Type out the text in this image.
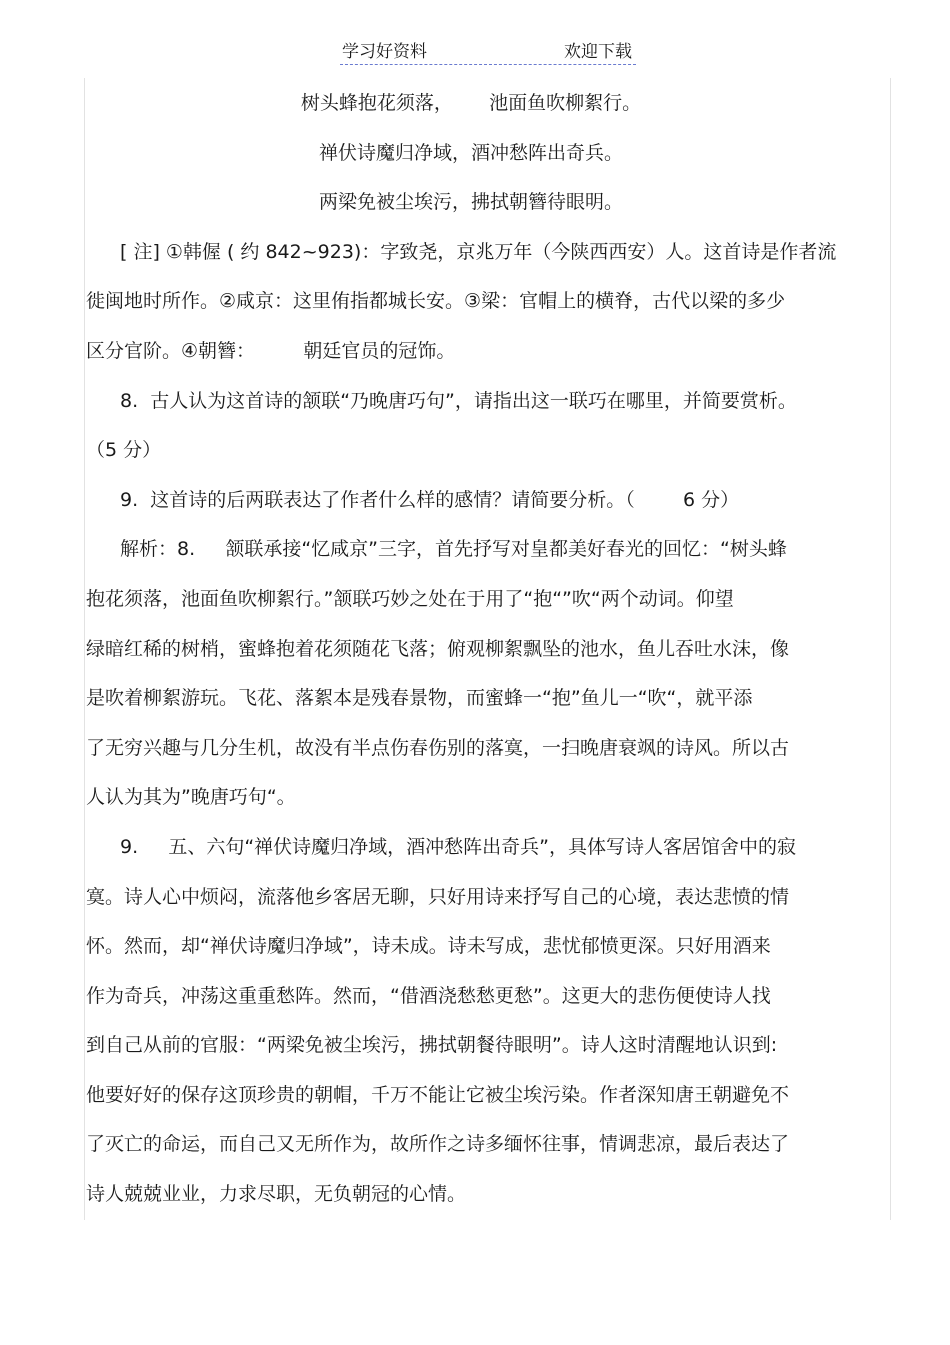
学习好资料	欢迎下载
树头蜂抱花须落，      池面鱼吹柳絮行。
禅伏诗魔归净域，酒冲愁阵出奇兵。
两梁免被尘埃污，拂拭朝簪待眼明。
[ 注] ①韩偓 ( 约 842~923)：字致尧，京兆万年（今陕西西安）人。这首诗是作者流
徙闽地时所作。②咸京：这里侑指都城长安。③梁：官帽上的横脊，古代以梁的多少
区分官阶。④朝簪：        朝廷官员的冠饰。
8.  古人认为这首诗的颔联“乃晚唐巧句”，请指出这一联巧在哪里，并简要赏析。
（5 分）
9.  这首诗的后两联表达了作者什么样的感情？请简要分析。（        6 分）
解析：8.     颔联承接“忆咸京”三字，首先抒写对皇都美好春光的回忆：“树头蜂
抱花须落，池面鱼吹柳絮行。”颔联巧妙之处在于用了“抱“”吹“两个动词。仰望
绿暗红稀的树梢，蜜蜂抱着花须随花飞落；俯观柳絮飘坠的池水，鱼儿吞吐水沫，像
是吹着柳絮游玩。飞花、落絮本是残春景物，而蜜蜂一“抱”鱼儿一“吹“，就平添
了无穷兴趣与几分生机，故没有半点伤春伤别的落寞，一扫晚唐衰飒的诗风。所以古
人认为其为”晚唐巧句“。
9.     五、六句“禅伏诗魔归净域，酒冲愁阵出奇兵”，具体写诗人客居馆舍中的寂
寞。诗人心中烦闷，流落他乡客居无聊，只好用诗来抒写自己的心境，表达悲愤的情
怀。然而，却“禅伏诗魔归净域”，诗未成。诗未写成，悲忧郁愤更深。只好用酒来
作为奇兵，冲荡这重重愁阵。然而，“借酒浇愁愁更愁”。这更大的悲伤便使诗人找
到自己从前的官服：“两梁免被尘埃污，拂拭朝餐待眼明”。诗人这时清醒地认识到:
他要好好的保存这顶珍贵的朝帽，千万不能让它被尘埃污染。作者深知唐王朝避免不
了灭亡的命运，而自己又无所作为，故所作之诗多缅怀往事，情调悲凉，最后表达了
诗人兢兢业业，力求尽职，无负朝冠的心情。
